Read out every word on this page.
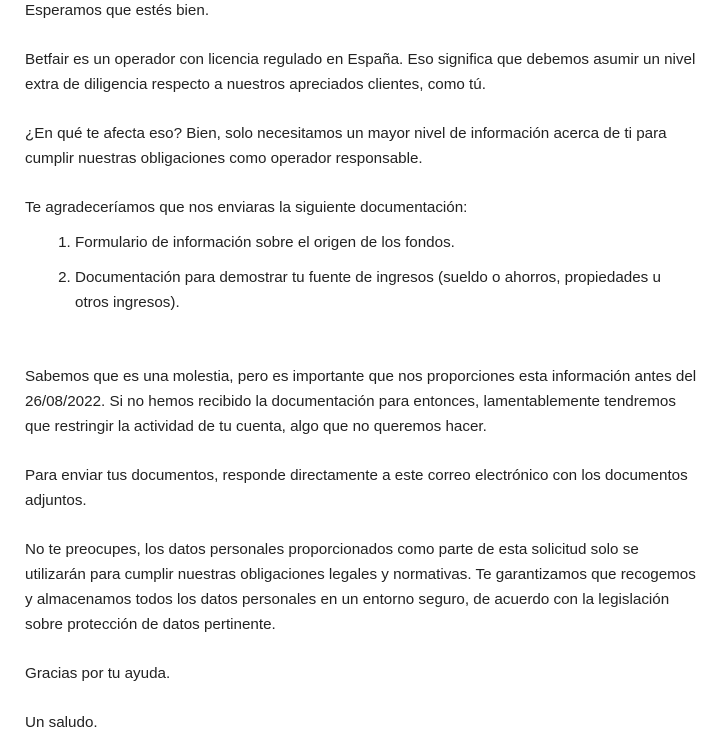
Esperamos que estés bien.

Betfair es un operador con licencia regulado en España. Eso significa que debemos asumir un nivel extra de diligencia respecto a nuestros apreciados clientes, como tú.

¿En qué te afecta eso? Bien, solo necesitamos un mayor nivel de información acerca de ti para cumplir nuestras obligaciones como operador responsable.

Te agradeceríamos que nos enviaras la siguiente documentación:

1. Formulario de información sobre el origen de los fondos.
2. Documentación para demostrar tu fuente de ingresos (sueldo o ahorros, propiedades u otros ingresos).

Sabemos que es una molestia, pero es importante que nos proporciones esta información antes del 26/08/2022. Si no hemos recibido la documentación para entonces, lamentablemente tendremos que restringir la actividad de tu cuenta, algo que no queremos hacer.

Para enviar tus documentos, responde directamente a este correo electrónico con los documentos adjuntos.

No te preocupes, los datos personales proporcionados como parte de esta solicitud solo se utilizarán para cumplir nuestras obligaciones legales y normativas. Te garantizamos que recogemos y almacenamos todos los datos personales en un entorno seguro, de acuerdo con la legislación sobre protección de datos pertinente.

Gracias por tu ayuda.

Un saludo.
